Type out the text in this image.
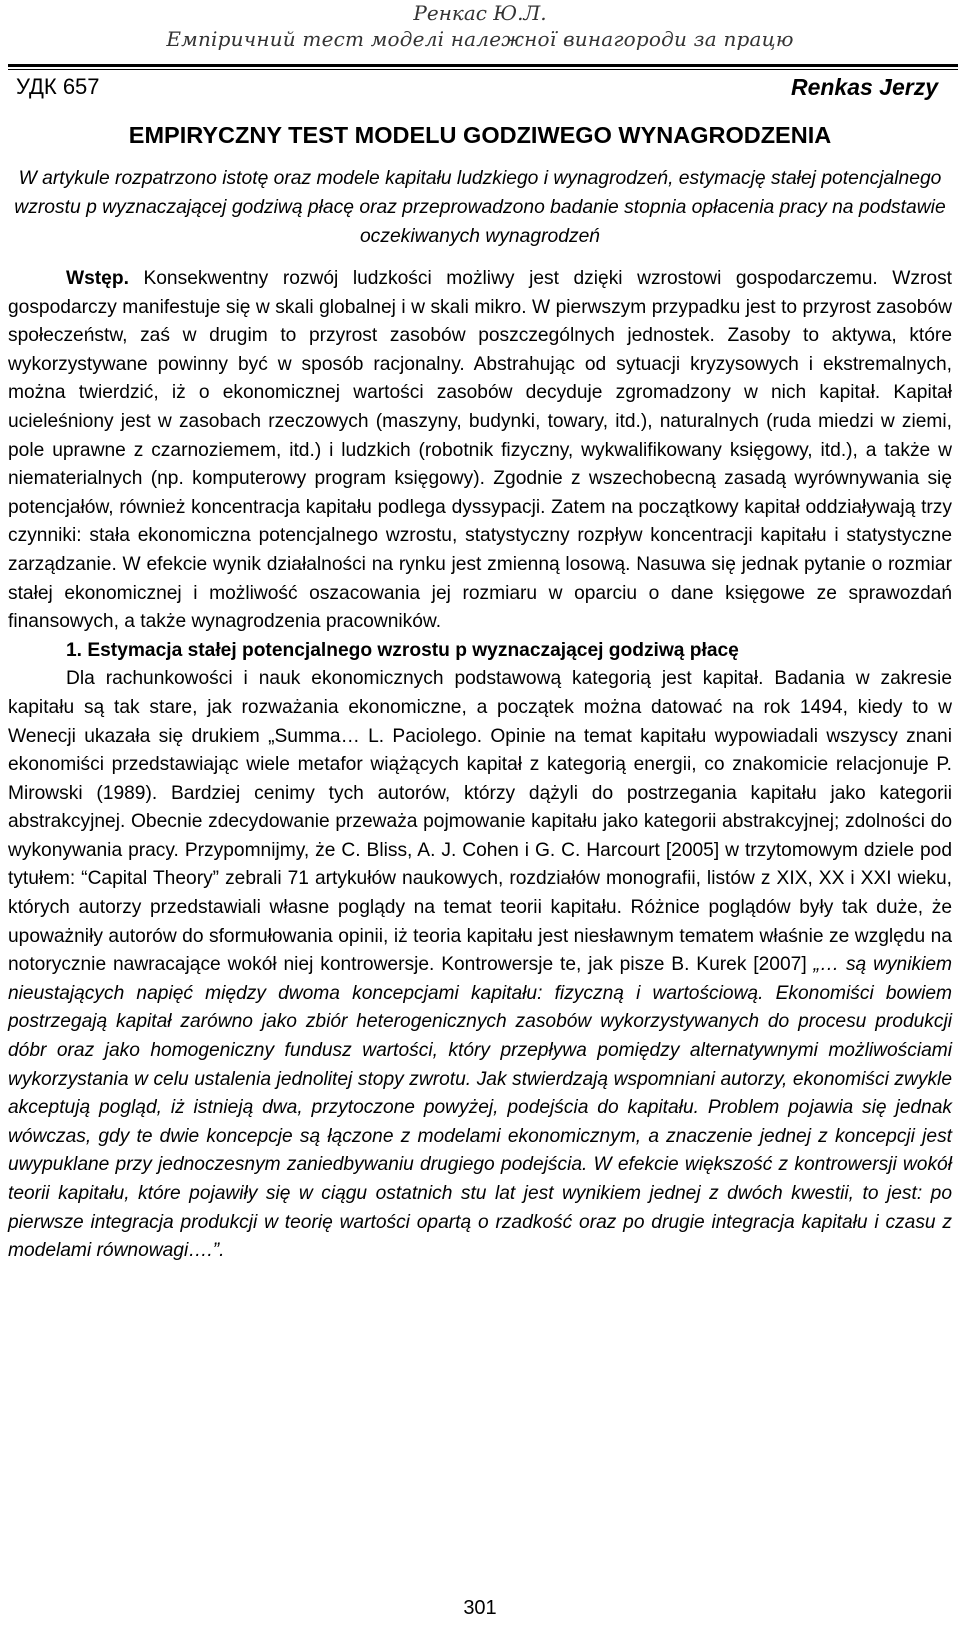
Ренкас Ю.Л.
Емпіричний тест моделі належної винагороди за працю
УДК 657	Renkas Jerzy
EMPIRYCZNY TEST MODELU GODZIWEGO WYNAGRODZENIA
W artykule rozpatrzono istotę oraz modele kapitału ludzkiego i wynagrodzeń, estymację stałej potencjalnego wzrostu p wyznaczającej godziwą płacę oraz przeprowadzono badanie stopnia opłacenia pracy na podstawie oczekiwanych wynagrodzeń

Wstęp. Konsekwentny rozwój ludzkości możliwy jest dzięki wzrostowi gospodarczemu. Wzrost gospodarczy manifestuje się w skali globalnej i w skali mikro. W pierwszym przypadku jest to przyrost zasobów społeczeństw, zaś w drugim to przyrost zasobów poszczególnych jednostek. Zasoby to aktywa, które wykorzystywane powinny być w sposób racjonalny. Abstrahując od sytuacji kryzysowych i ekstremalnych, można twierdzić, iż o ekonomicznej wartości zasobów decyduje zgromadzony w nich kapitał. Kapitał ucieleśniony jest w zasobach rzeczowych (maszyny, budynki, towary, itd.), naturalnych (ruda miedzi w ziemi, pole uprawne z czarnoziemem, itd.) i ludzkich (robotnik fizyczny, wykwalifikowany księgowy, itd.), a także w niematerialnych (np. komputerowy program księgowy). Zgodnie z wszechobecną zasadą wyrównywania się potencjałów, również koncentracja kapitału podlega dyssypacji. Zatem na początkowy kapitał oddziaływają trzy czynniki: stała ekonomiczna potencjalnego wzrostu, statystyczny rozpływ koncentracji kapitału i statystyczne zarządzanie. W efekcie wynik działalności na rynku jest zmienną losową. Nasuwa się jednak pytanie o rozmiar stałej ekonomicznej i możliwość oszacowania jej rozmiaru w oparciu o dane księgowe ze sprawozdań finansowych, a także wynagrodzenia pracowników.

1. Estymacja stałej potencjalnego wzrostu p wyznaczającej godziwą płacę

Dla rachunkowości i nauk ekonomicznych podstawową kategorią jest kapitał. Badania w zakresie kapitału są tak stare, jak rozważania ekonomiczne, a początek można datować na rok 1494, kiedy to w Wenecji ukazała się drukiem „Summa… L. Paciolego. Opinie na temat kapitału wypowiadali wszyscy znani ekonomiści przedstawiając wiele metafor wiążących kapitał z kategorią energii, co znakomicie relacjonuje P. Mirowski (1989). Bardziej cenimy tych autorów, którzy dążyli do postrzegania kapitału jako kategorii abstrakcyjnej. Obecnie zdecydowanie przeważa pojmowanie kapitału jako kategorii abstrakcyjnej; zdolności do wykonywania pracy. Przypomnijmy, że C. Bliss, A. J. Cohen i G. C. Harcourt [2005] w trzytomowym dziele pod tytułem: “Capital Theory” zebrali 71 artykułów naukowych, rozdziałów monografii, listów z XIX, XX i XXI wieku, których autorzy przedstawiali własne poglądy na temat teorii kapitału. Różnice poglądów były tak duże, że upoważniły autorów do sformułowania opinii, iż teoria kapitału jest niesławnym tematem właśnie ze względu na notorycznie nawracające wokół niej kontrowersje. Kontrowersje te, jak pisze B. Kurek [2007] „… są wynikiem nieustających napięć między dwoma koncepcjami kapitału: fizyczną i wartościową. Ekonomiści bowiem postrzegają kapitał zarówno jako zbiór heterogenicznych zasobów wykorzystywanych do procesu produkcji dóbr oraz jako homogeniczny fundusz wartości, który przepływa pomiędzy alternatywnymi możliwościami wykorzystania w celu ustalenia jednolitej stopy zwrotu. Jak stwierdzają wspomniani autorzy, ekonomiści zwykle akceptują pogląd, iż istnieją dwa, przytoczone powyżej, podejścia do kapitału. Problem pojawia się jednak wówczas, gdy te dwie koncepcje są łączone z modelami ekonomicznym, a znaczenie jednej z koncepcji jest uwypuklane przy jednoczesnym zaniedbywaniu drugiego podejścia. W efekcie większość z kontrowersji wokół teorii kapitału, które pojawiły się w ciągu ostatnich stu lat jest wynikiem jednej z dwóch kwestii, to jest: po pierwsze integracja produkcji w teorię wartości opartą o rzadkość oraz po drugie integracja kapitału i czasu z modelami równowagi….”.

301
